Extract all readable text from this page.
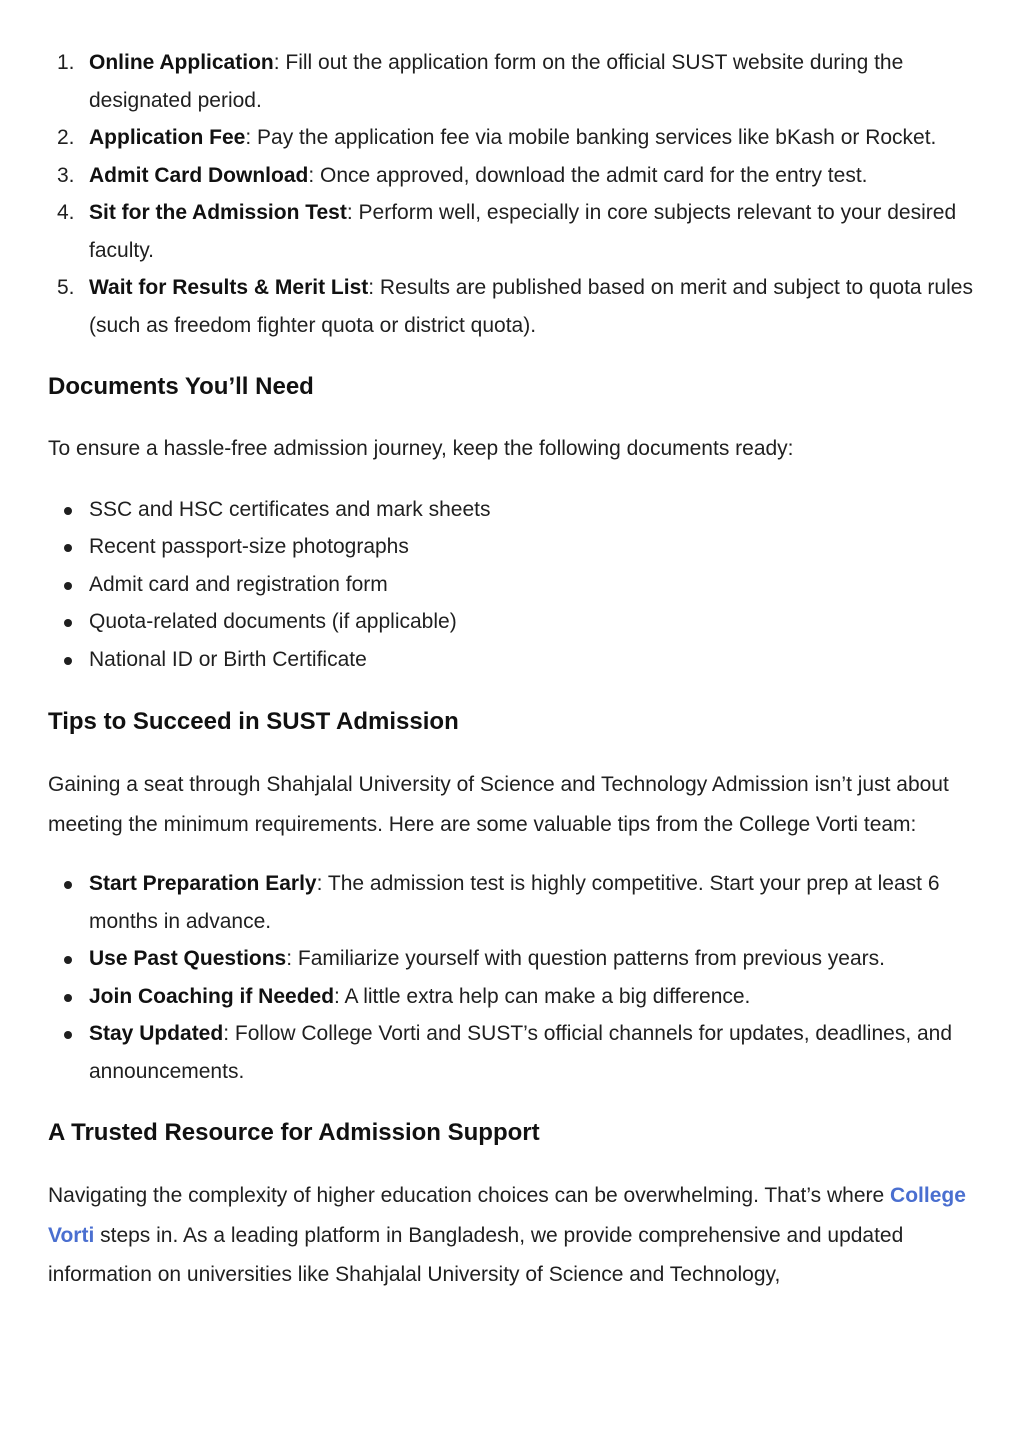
1. Online Application: Fill out the application form on the official SUST website during the designated period.
2. Application Fee: Pay the application fee via mobile banking services like bKash or Rocket.
3. Admit Card Download: Once approved, download the admit card for the entry test.
4. Sit for the Admission Test: Perform well, especially in core subjects relevant to your desired faculty.
5. Wait for Results & Merit List: Results are published based on merit and subject to quota rules (such as freedom fighter quota or district quota).
Documents You’ll Need

To ensure a hassle-free admission journey, keep the following documents ready:

SSC and HSC certificates and mark sheets
Recent passport-size photographs
Admit card and registration form
Quota-related documents (if applicable)
National ID or Birth Certificate
Tips to Succeed in SUST Admission

Gaining a seat through Shahjalal University of Science and Technology Admission isn’t just about meeting the minimum requirements. Here are some valuable tips from the College Vorti team:

Start Preparation Early: The admission test is highly competitive. Start your prep at least 6 months in advance.
Use Past Questions: Familiarize yourself with question patterns from previous years.
Join Coaching if Needed: A little extra help can make a big difference.
Stay Updated: Follow College Vorti and SUST’s official channels for updates, deadlines, and announcements.
A Trusted Resource for Admission Support

Navigating the complexity of higher education choices can be overwhelming. That’s where College Vorti steps in. As a leading platform in Bangladesh, we provide comprehensive and updated information on universities like Shahjalal University of Science and Technology,
